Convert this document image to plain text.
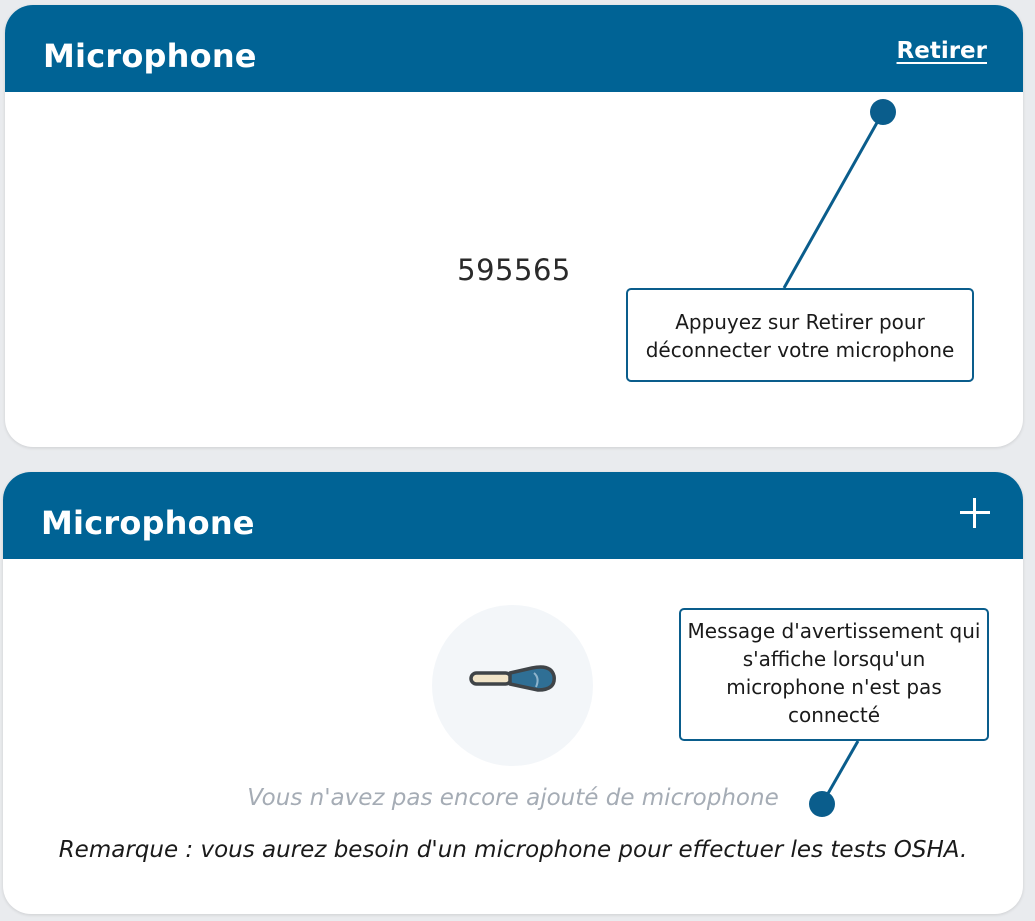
Microphone	Retirer
595565
Microphone
Vous n'avez pas encore ajouté de microphone
Remarque : vous aurez besoin d'un microphone pour effectuer les tests OSHA.
Appuyez sur Retirer pour déconnecter votre microphone
Message d'avertissement qui s'affiche lorsqu'un microphone n'est pas connecté
